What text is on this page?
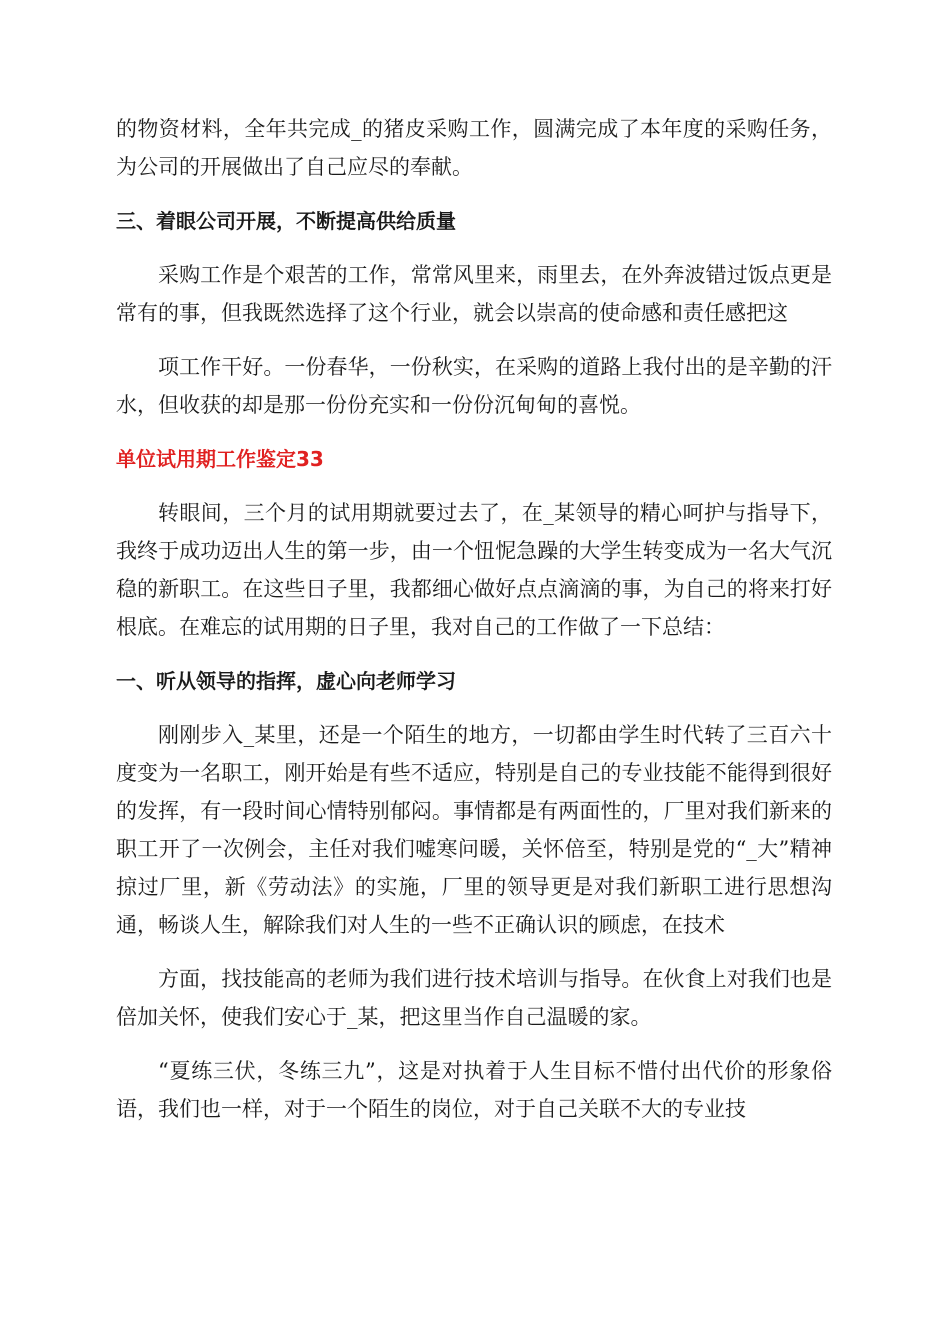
的物资材料，全年共完成_的猪皮采购工作，圆满完成了本年度的采购任务，为公司的开展做出了自己应尽的奉献。

三、着眼公司开展，不断提高供给质量

采购工作是个艰苦的工作，常常风里来，雨里去，在外奔波错过饭点更是常有的事，但我既然选择了这个行业，就会以崇高的使命感和责任感把这

项工作干好。一份春华，一份秋实，在采购的道路上我付出的是辛勤的汗水，但收获的却是那一份份充实和一份份沉甸甸的喜悦。

单位试用期工作鉴定33

转眼间，三个月的试用期就要过去了，在_某领导的精心呵护与指导下，我终于成功迈出人生的第一步，由一个忸怩急躁的大学生转变成为一名大气沉稳的新职工。在这些日子里，我都细心做好点点滴滴的事，为自己的将来打好根底。在难忘的试用期的日子里，我对自己的工作做了一下总结：

一、听从领导的指挥，虚心向老师学习

刚刚步入_某里，还是一个陌生的地方，一切都由学生时代转了三百六十度变为一名职工，刚开始是有些不适应，特别是自己的专业技能不能得到很好的发挥，有一段时间心情特别郁闷。事情都是有两面性的，厂里对我们新来的职工开了一次例会，主任对我们嘘寒问暖，关怀倍至，特别是党的“_大”精神掠过厂里，新《劳动法》的实施，厂里的领导更是对我们新职工进行思想沟通，畅谈人生，解除我们对人生的一些不正确认识的顾虑，在技术

方面，找技能高的老师为我们进行技术培训与指导。在伙食上对我们也是倍加关怀，使我们安心于_某，把这里当作自己温暖的家。

“夏练三伏，冬练三九”，这是对执着于人生目标不惜付出代价的形象俗语，我们也一样，对于一个陌生的岗位，对于自己关联不大的专业技
